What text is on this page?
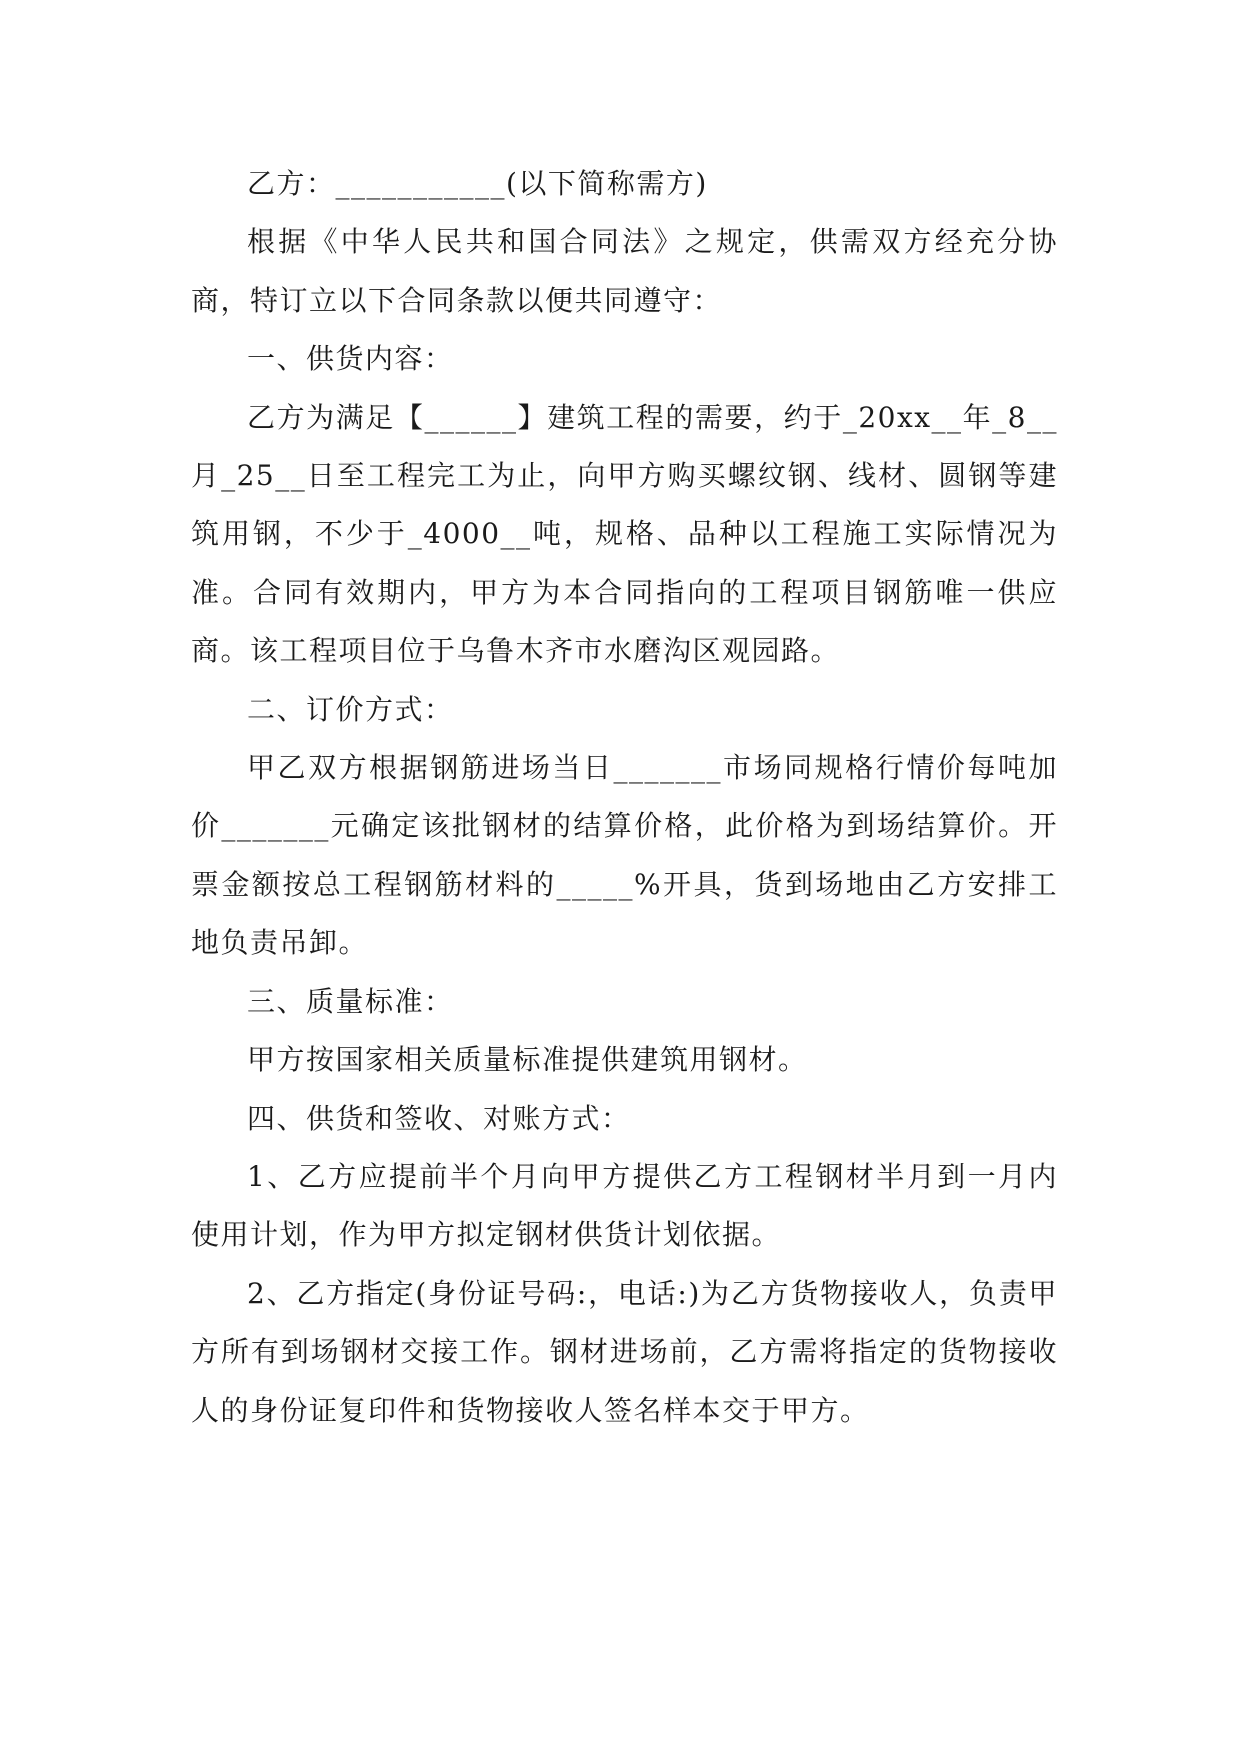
乙方：___________(以下简称需方)

根据《中华人民共和国合同法》之规定，供需双方经充分协商，特订立以下合同条款以便共同遵守：

一、供货内容：

乙方为满足【______】建筑工程的需要，约于_20xx__年_8__月_25__日至工程完工为止，向甲方购买螺纹钢、线材、圆钢等建筑用钢，不少于_4000__吨，规格、品种以工程施工实际情况为准。合同有效期内，甲方为本合同指向的工程项目钢筋唯一供应商。该工程项目位于乌鲁木齐市水磨沟区观园路。

二、订价方式：

甲乙双方根据钢筋进场当日_______市场同规格行情价每吨加价_______元确定该批钢材的结算价格，此价格为到场结算价。开票金额按总工程钢筋材料的_____%开具，货到场地由乙方安排工地负责吊卸。

三、质量标准：

甲方按国家相关质量标准提供建筑用钢材。

四、供货和签收、对账方式：

1、乙方应提前半个月向甲方提供乙方工程钢材半月到一月内使用计划，作为甲方拟定钢材供货计划依据。

2、乙方指定(身份证号码:，电话:)为乙方货物接收人，负责甲方所有到场钢材交接工作。钢材进场前，乙方需将指定的货物接收人的身份证复印件和货物接收人签名样本交于甲方。
